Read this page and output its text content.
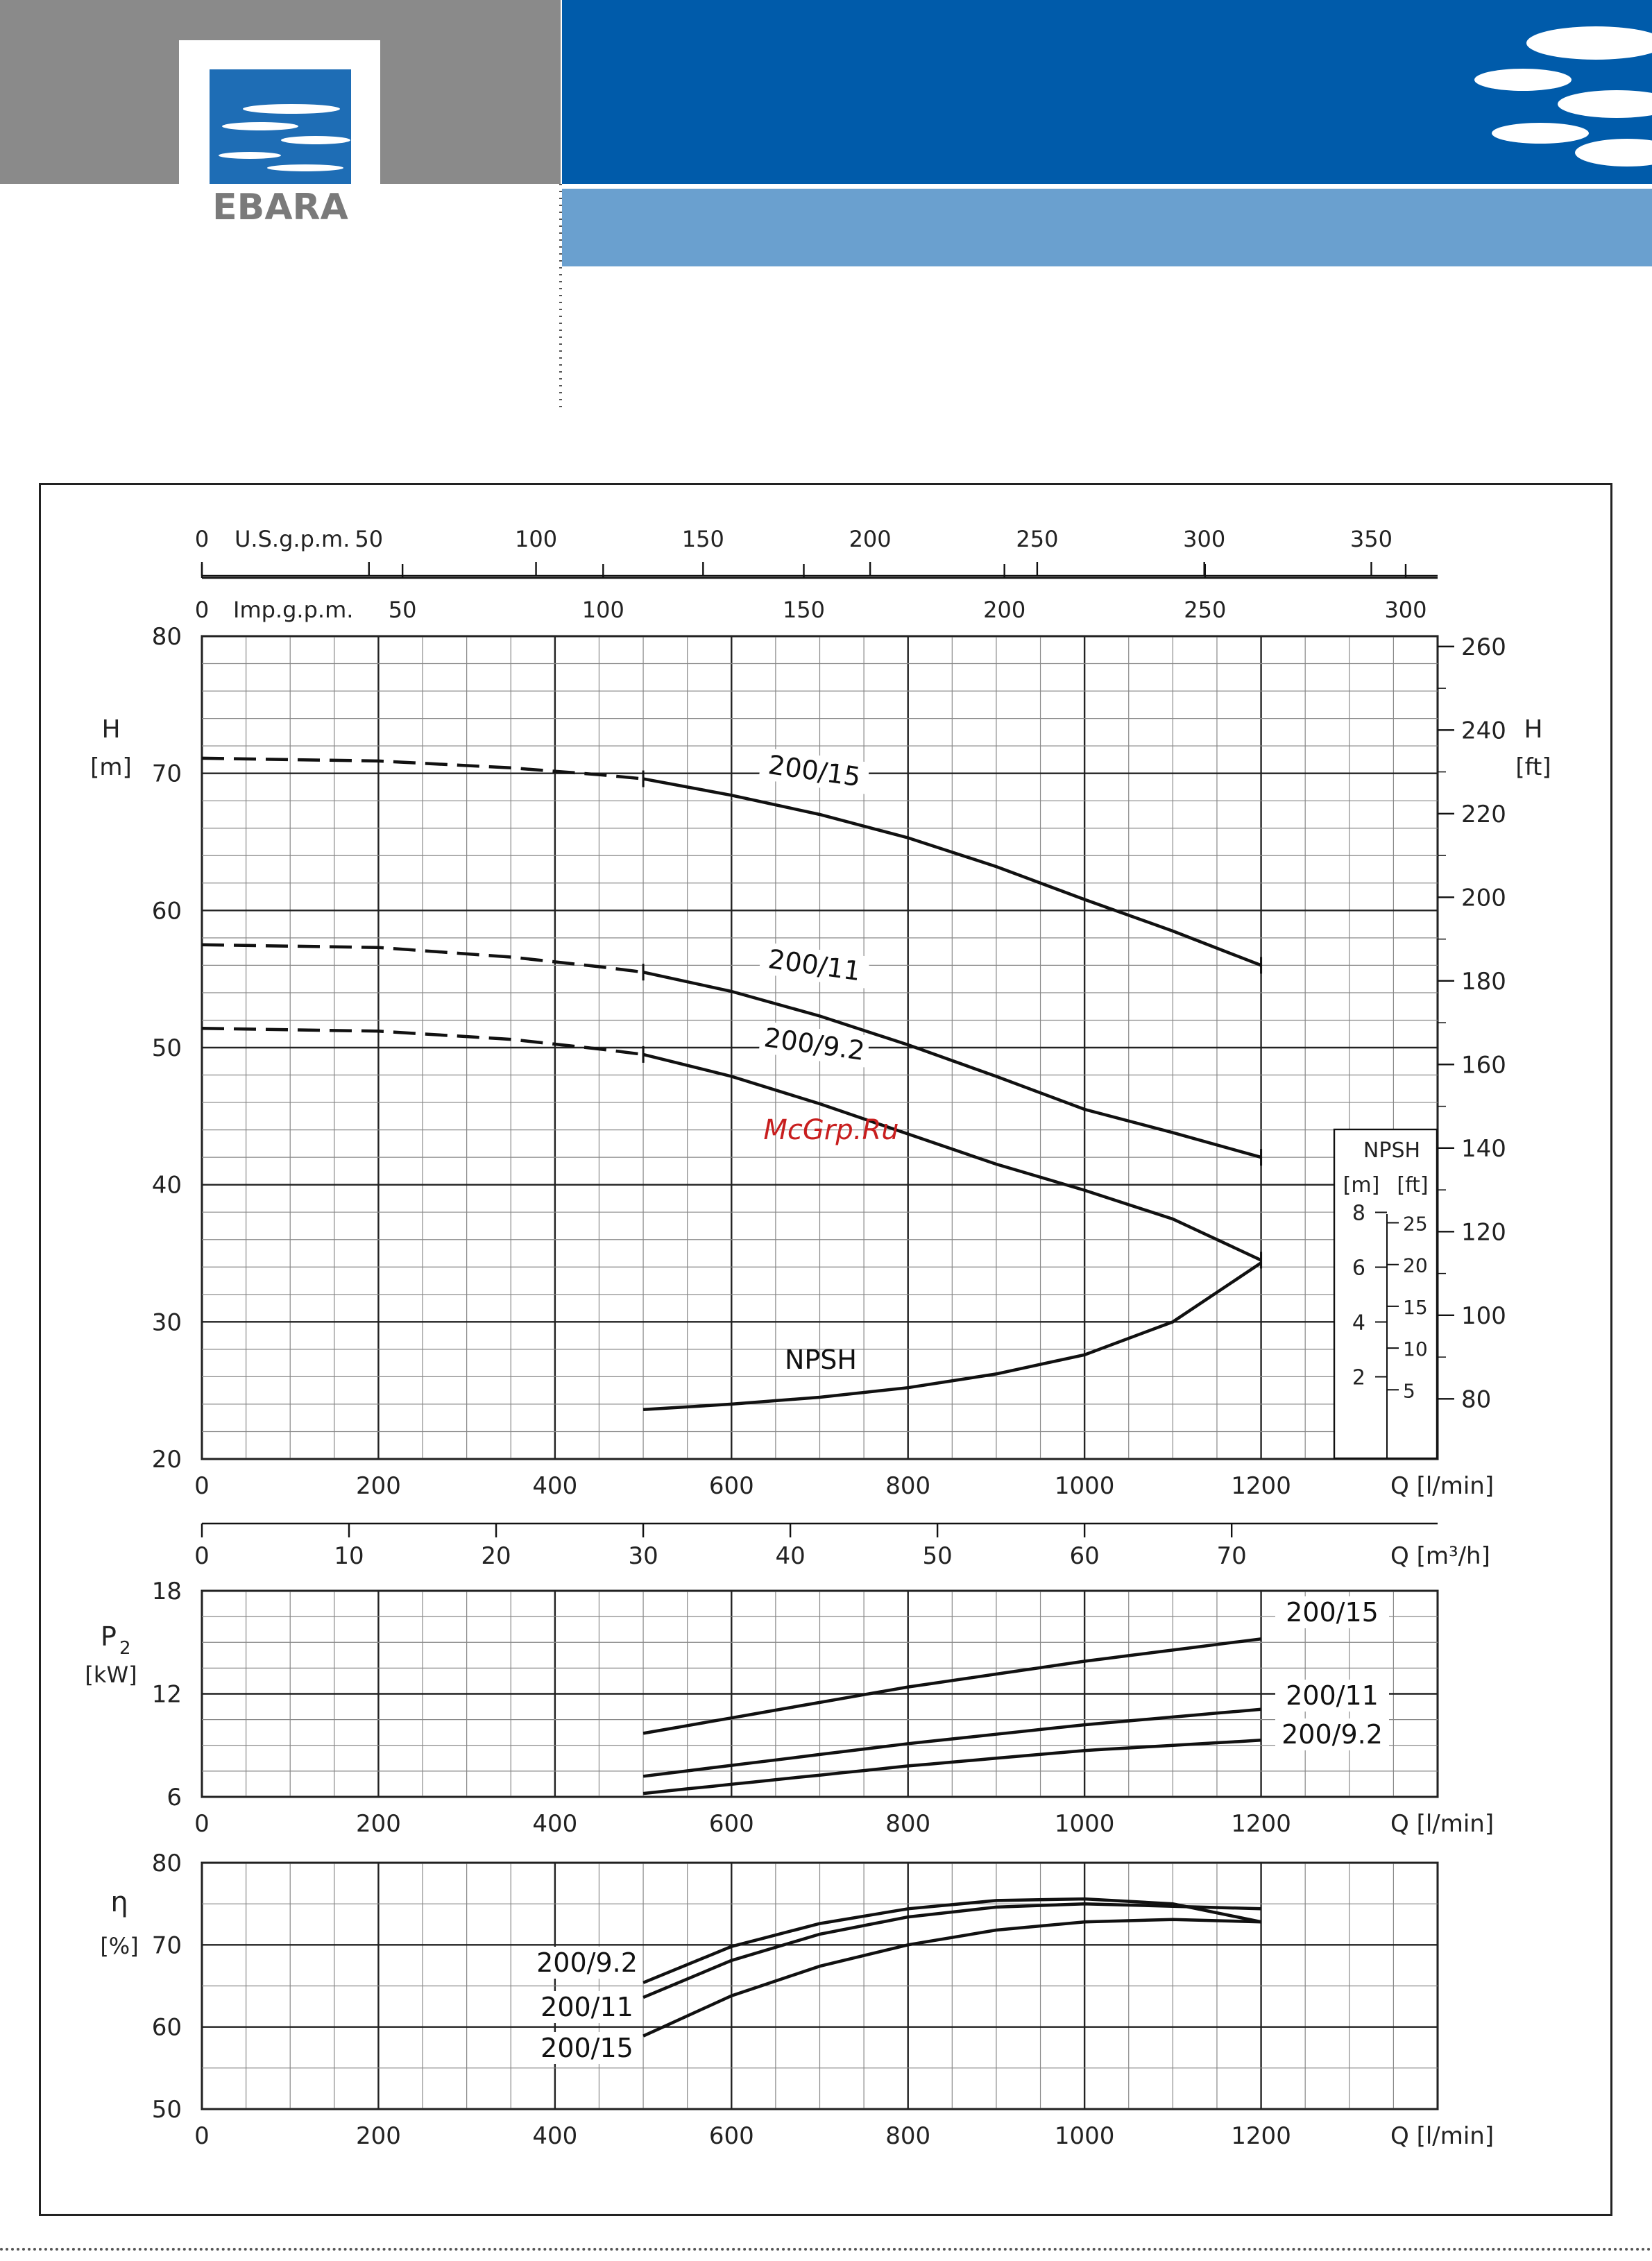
EBARA
20
30
40
50
60
70
80
0	200	400	600	800	1000	1200	Q [l/min]
80
100
120
140
160
180
200
220
240
260
H
[m]
H
[ft]
0	50	100	150	200	250	300	350
U.S.g.p.m.
0	50	100	150	200	250	300
Imp.g.p.m.
0	10	20	30	40	50	60	70	Q [m³/h]
NPSH
[m] [ft]
2
4
6
8
5
10
15
20
25
200/15
200/11
200/9.2
NPSH
6
12
18
0	200	400	600	800	1000	1200	Q [l/min]
P 2
[kW]
200/15
200/11
200/9.2
50
60
70
80
0	200	400	600	800	1000	1200	Q [l/min]
η
[%]
200/9.2
200/11
200/15
McGrp.Ru
